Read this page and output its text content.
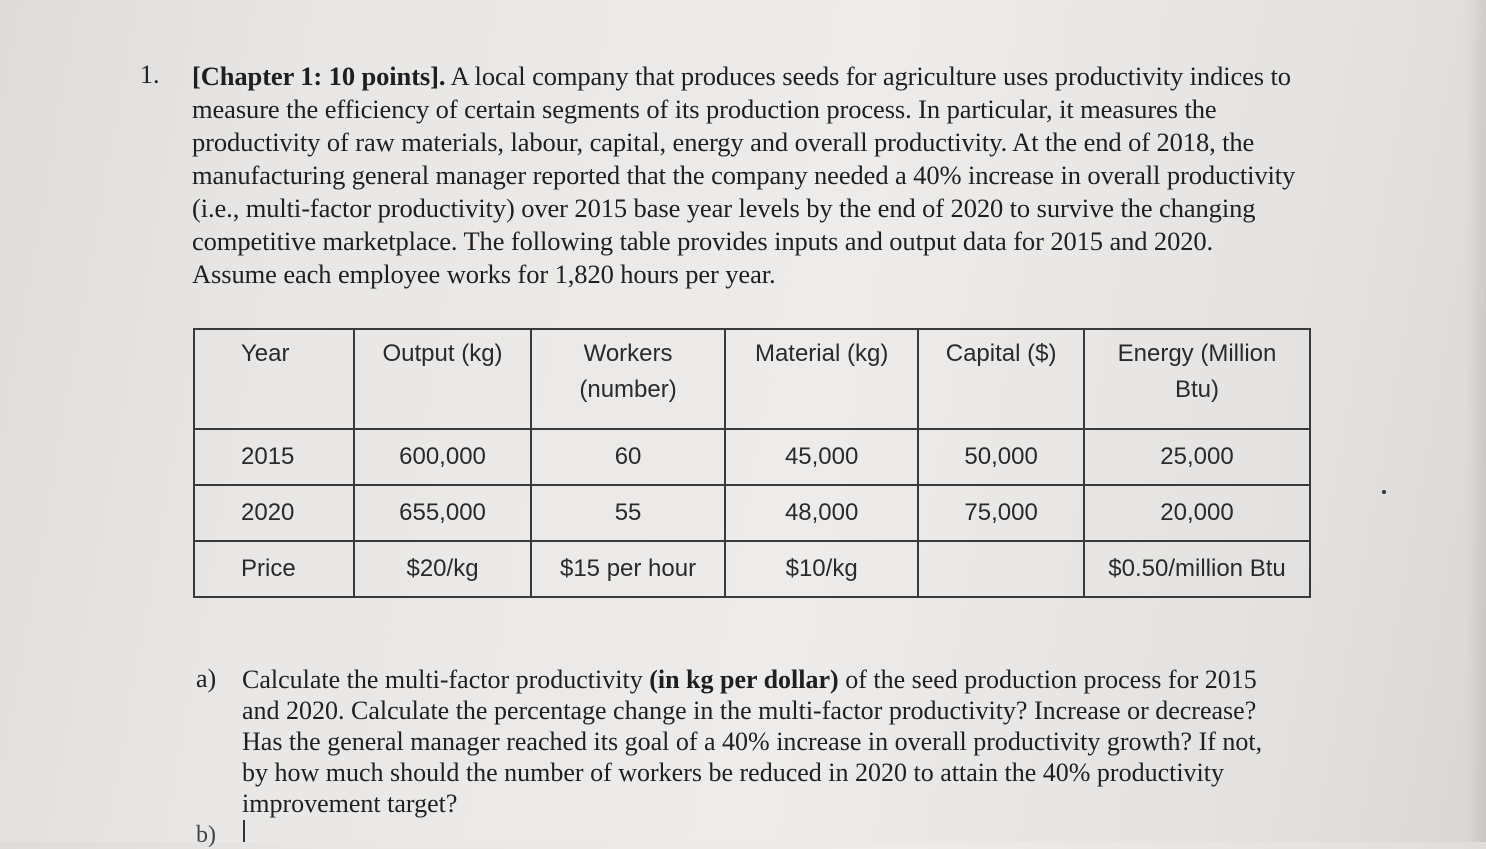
1. [Chapter 1: 10 points]. A local company that produces seeds for agriculture uses productivity indices to measure the efficiency of certain segments of its production process. In particular, it measures the productivity of raw materials, labour, capital, energy and overall productivity. At the end of 2018, the manufacturing general manager reported that the company needed a 40% increase in overall productivity (i.e., multi-factor productivity) over 2015 base year levels by the end of 2020 to survive the changing competitive marketplace. The following table provides inputs and output data for 2015 and 2020. Assume each employee works for 1,820 hours per year.
Year	Output (kg)	Workers (number)	Material (kg)	Capital ($)	Energy (Million Btu)
2015	600,000	60	45,000	50,000	25,000
2020	655,000	55	48,000	75,000	20,000
Price	$20/kg	$15 per hour	$10/kg		$0.50/million Btu
a) Calculate the multi-factor productivity (in kg per dollar) of the seed production process for 2015 and 2020. Calculate the percentage change in the multi-factor productivity? Increase or decrease? Has the general manager reached its goal of a 40% increase in overall productivity growth? If not, by how much should the number of workers be reduced in 2020 to attain the 40% productivity improvement target?
b)
